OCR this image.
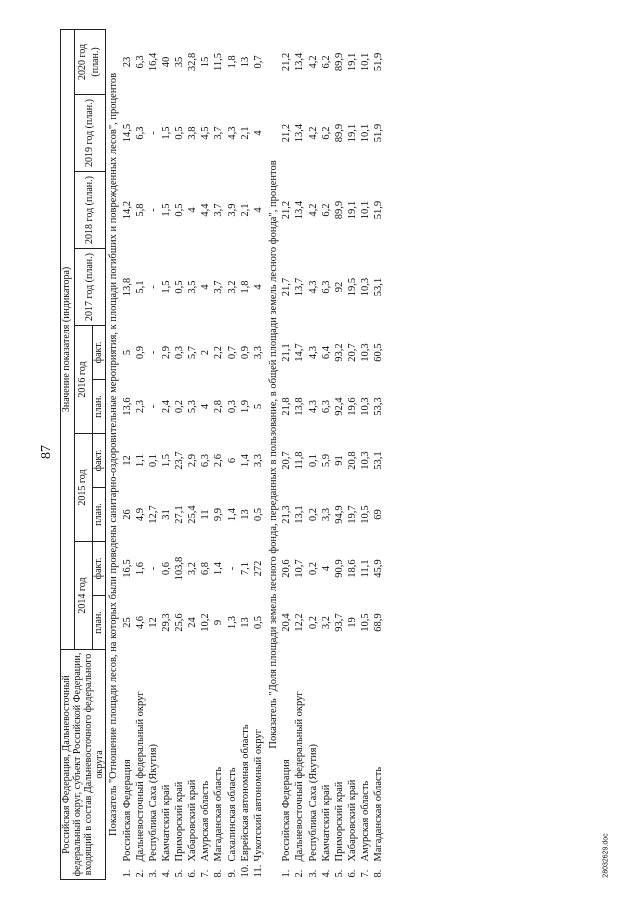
87
28032629.doc
Российская Федерация, Дальневосточный федеральный округ, субъект Российской Федерации, входящий в состав Дальневосточного федерального округа		Значение показателя (индикатора)									
		2014 год		2015 год		2016 год		2017 год (план.)	2018 год (план.)	2019 год (план.)	2020 год (план.)
		план.	факт.	план.	факт.	план.	факт.				
Показатель "Отношение площади лесов, на которых были проведены санитарно-оздоровительные мероприятия, к площади погибших и поврежденных лесов", процентов											
1.	Российская Федерация	25	16,5	26	12	13,6	5	13,8	14,2	14,5	23
2.	Дальневосточный федеральный округ	4,6	1,6	4,9	1,1	2,3	0,9	5,1	5,8	6,3	6,3
3.	Республика Саха (Якутия)	12	-	12,7	0,1	-	-	-	-	-	16,4
4.	Камчатский край	29,3	0,6	31	1,5	2,4	2,9	1,5	1,5	1,5	40
5.	Приморский край	25,6	103,8	27,1	23,7	0,2	0,3	0,5	0,5	0,5	35
6.	Хабаровский край	24	3,2	25,4	2,9	5,3	5,7	3,5	4	3,8	32,8
7.	Амурская область	10,2	6,8	11	6,3	4	2	4	4,4	4,5	15
8.	Магаданская область	9	1,4	9,9	2,6	2,8	2,2	3,7	3,7	3,7	11,5
9.	Сахалинская область	1,3	-	1,4	6	0,3	0,7	3,2	3,9	4,3	1,8
10.	Еврейская автономная область	13	7,1	13	1,4	1,9	0,9	1,8	2,1	2,1	13
11.	Чукотский автономный округ	0,5	272	0,5	3,3	5	3,3	4	4	4	0,7
Показатель "Доля площади земель лесного фонда, переданных в пользование, в общей площади земель лесного фонда", процентов											
1.	Российская Федерация	20,4	20,6	21,3	20,7	21,8	21,1	21,7	21,2	21,2	21,2
2.	Дальневосточный федеральный округ	12,2	10,7	13,1	11,8	13,8	14,7	13,7	13,4	13,4	13,4
3.	Республика Саха (Якутия)	0,2	0,2	0,2	0,1	4,3	4,3	4,3	4,2	4,2	4,2
4.	Камчатский край	3,2	4	3,3	5,9	6,3	6,4	6,3	6,2	6,2	6,2
5.	Приморский край	93,7	90,9	94,9	91	92,4	93,2	92	89,9	89,9	89,9
6.	Хабаровский край	19	18,6	19,7	20,8	19,6	20,7	19,5	19,1	19,1	19,1
7.	Амурская область	10,5	11,1	10,5	10,3	10,3	10,3	10,3	10,1	10,1	10,1
8.	Магаданская область	68,9	45,9	69	53,1	53,3	60,5	53,1	51,9	51,9	51,9
